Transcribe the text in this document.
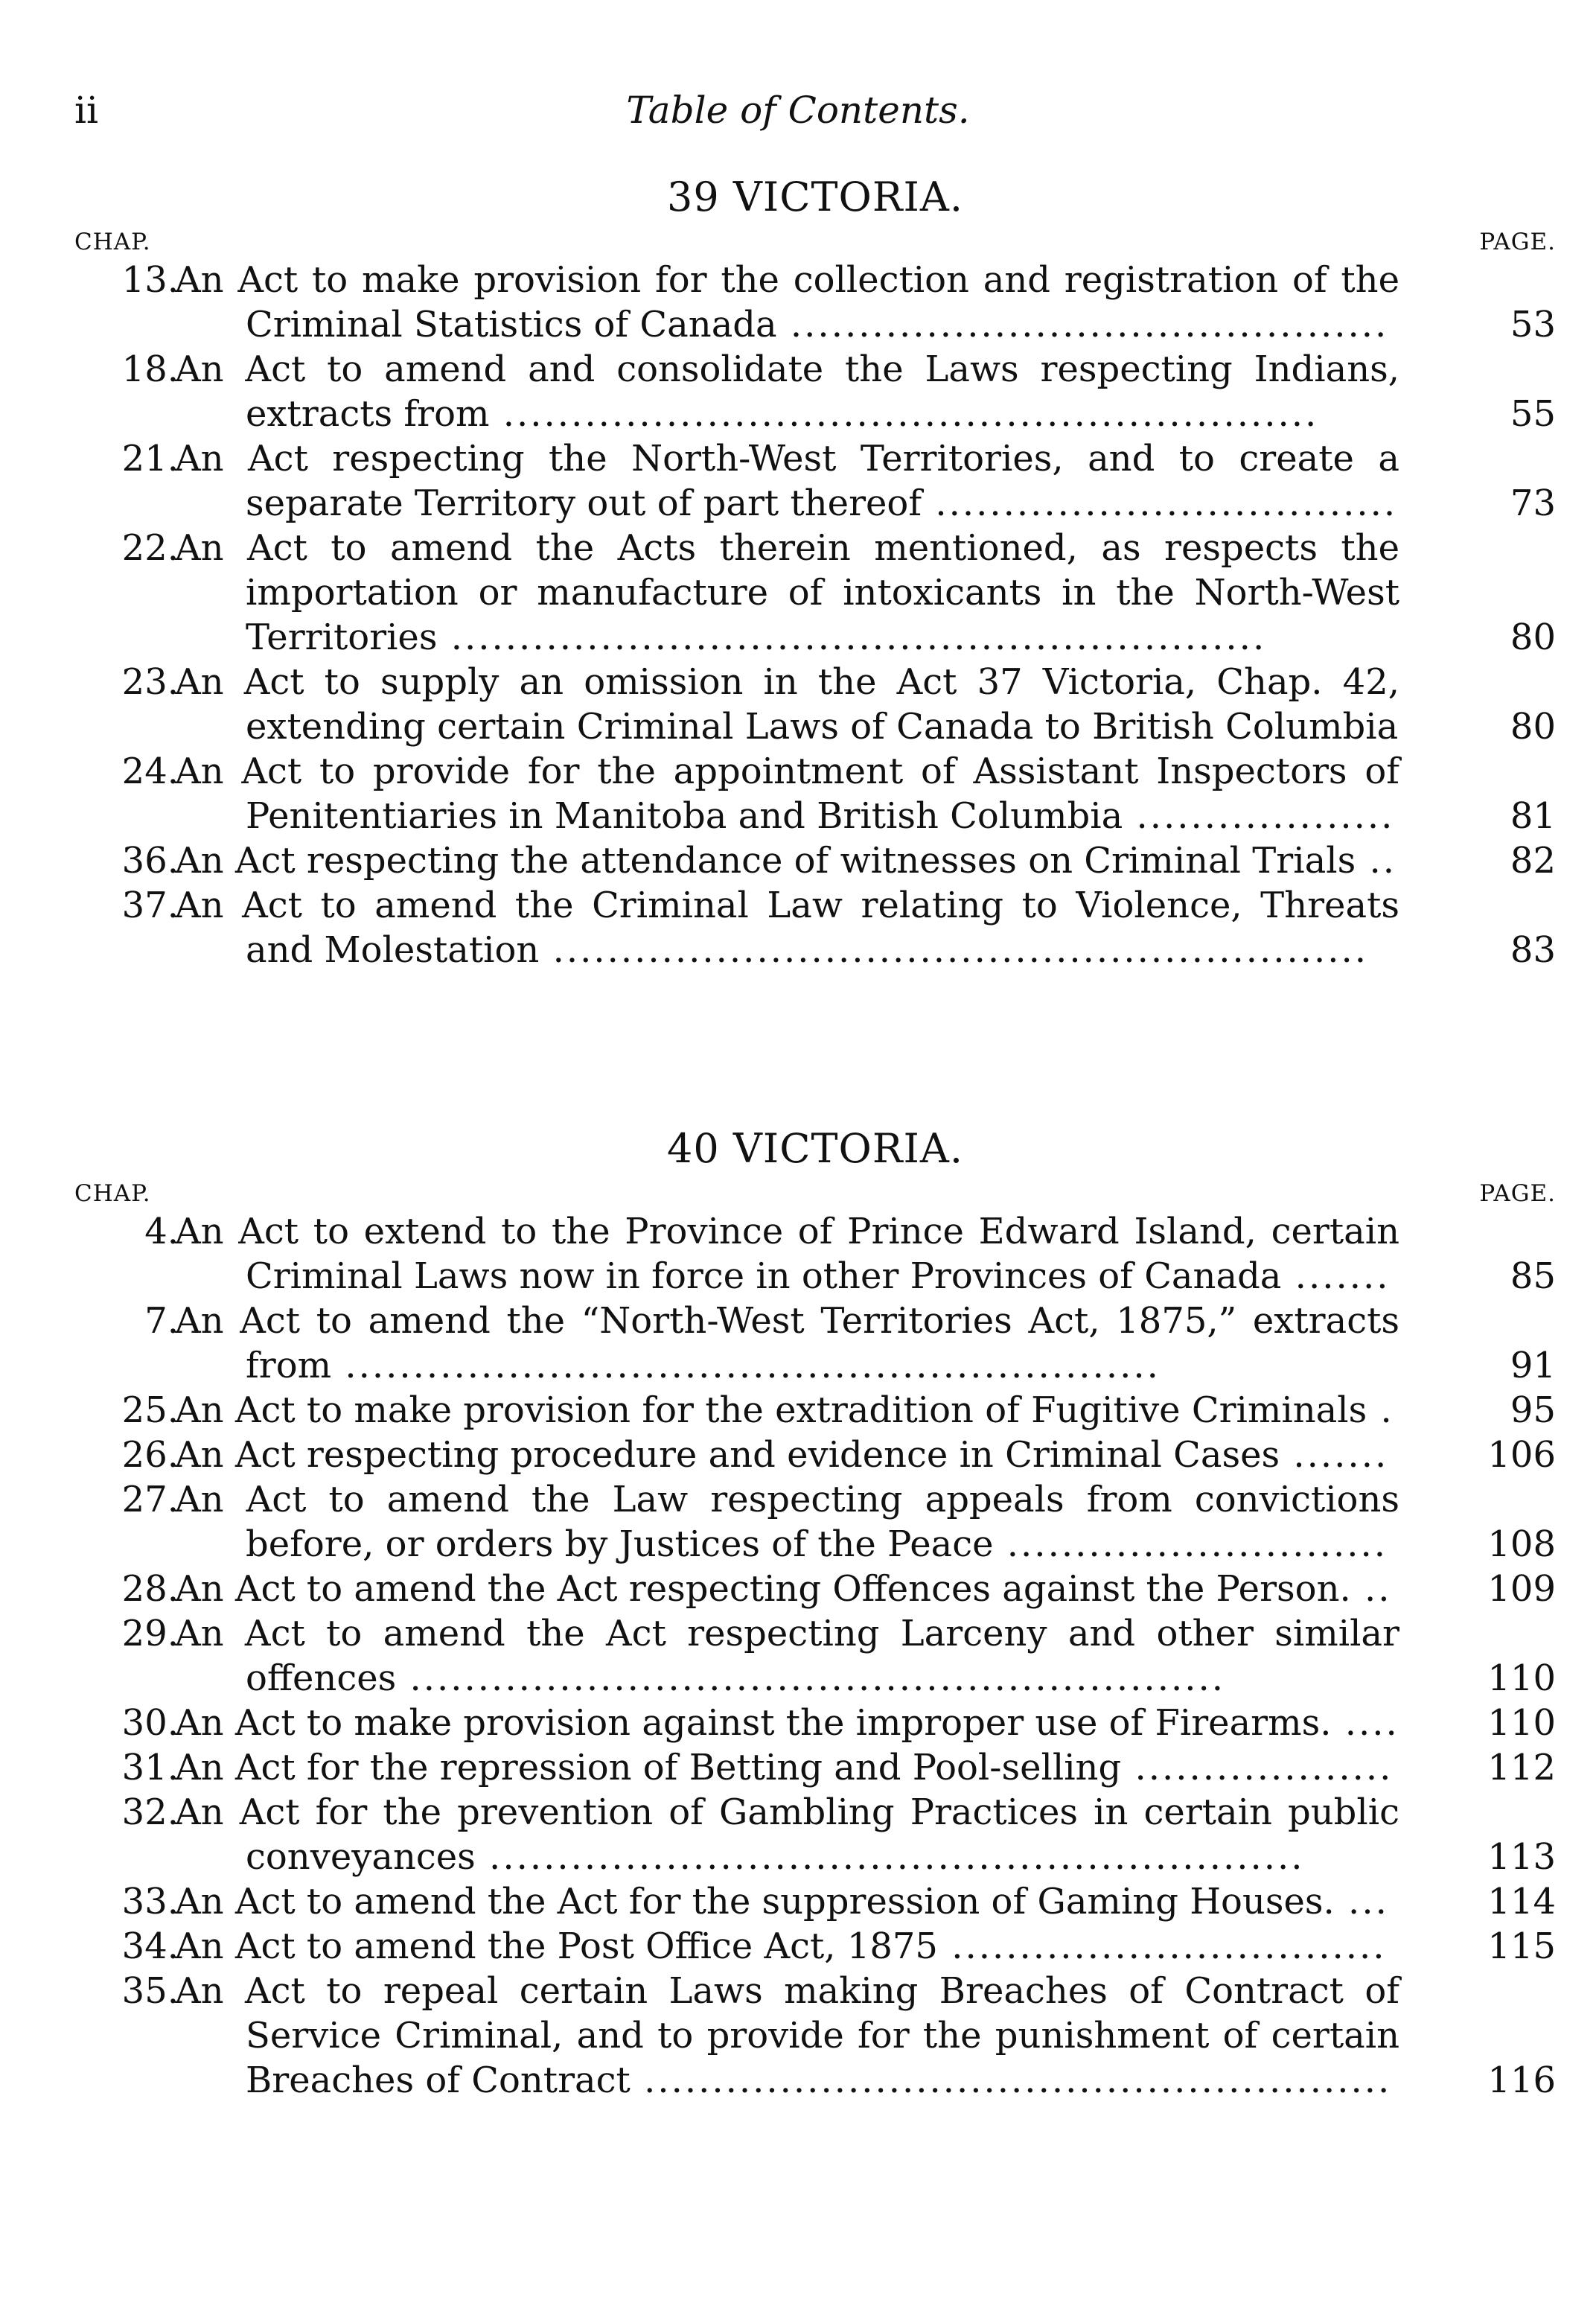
ii	Table of Contents.
39 VICTORIA.
CHAP.	PAGE.
13.
An Act to make provision for the collection and registration of the Criminal Statistics of Canada ............................................	53
18.
An Act to amend and consolidate the Laws respecting Indians, extracts from ............................................................	55
21.
An Act respecting the North-West Territories, and to create a separate Territory out of part thereof ..................................	73
22.
An Act to amend the Acts therein mentioned, as respects the importation or manufacture of intoxicants in the North-West Territories ............................................................	80
23.
An Act to supply an omission in the Act 37 Victoria, Chap. 42, extending certain Criminal Laws of Canada to British Columbia	80
24.
An Act to provide for the appointment of Assistant Inspectors of Penitentiaries in Manitoba and British Columbia ...................	81
36.
An Act respecting the attendance of witnesses on Criminal Trials ..	82
37.
An Act to amend the Criminal Law relating to Violence, Threats and Molestation ............................................................	83
40 VICTORIA.
CHAP.	PAGE.
4.
An Act to extend to the Province of Prince Edward Island, certain Criminal Laws now in force in other Provinces of Canada .......	85
7.
An Act to amend the “North-West Territories Act, 1875,” extracts from ............................................................	91
25.
An Act to make provision for the extradition of Fugitive Criminals .	95
26.
An Act respecting procedure and evidence in Criminal Cases .......	106
27.
An Act to amend the Law respecting appeals from convictions before, or orders by Justices of the Peace ............................	108
28.
An Act to amend the Act respecting Offences against the Person. ..	109
29.
An Act to amend the Act respecting Larceny and other similar offences ............................................................	110
30.
An Act to make provision against the improper use of Firearms. .... 110
31.
An Act for the repression of Betting and Pool-selling ...................	112
32.
An Act for the prevention of Gambling Practices in certain public conveyances ............................................................	113
33.
An Act to amend the Act for the suppression of Gaming Houses. ...	114
34.
An Act to amend the Post Office Act, 1875 ................................	115
35.
An Act to repeal certain Laws making Breaches of Contract of Service Criminal, and to provide for the punishment of certain Breaches of Contract .......................................................	116
